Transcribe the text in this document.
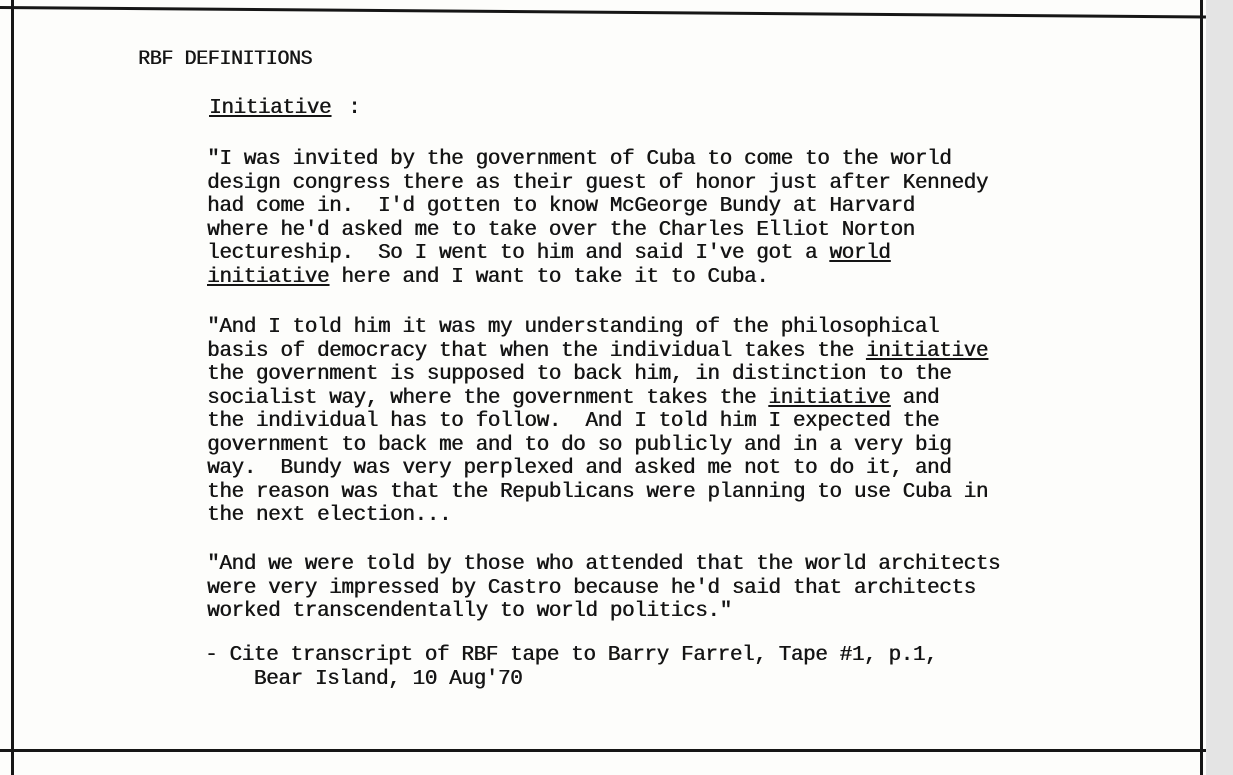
RBF DEFINITIONS
Initiative :
"I was invited by the government of Cuba to come to the world
design congress there as their guest of honor just after Kennedy
had come in.  I'd gotten to know McGeorge Bundy at Harvard
where he'd asked me to take over the Charles Elliot Norton
lectureship.  So I went to him and said I've got a world
initiative here and I want to take it to Cuba.
"And I told him it was my understanding of the philosophical
basis of democracy that when the individual takes the initiative
the government is supposed to back him, in distinction to the
socialist way, where the government takes the initiative and
the individual has to follow.  And I told him I expected the
government to back me and to do so publicly and in a very big
way.  Bundy was very perplexed and asked me not to do it, and
the reason was that the Republicans were planning to use Cuba in
the next election...
"And we were told by those who attended that the world architects
were very impressed by Castro because he'd said that architects
worked transcendentally to world politics."
- Cite transcript of RBF tape to Barry Farrel, Tape #1, p.1,
Bear Island, 10 Aug'70
